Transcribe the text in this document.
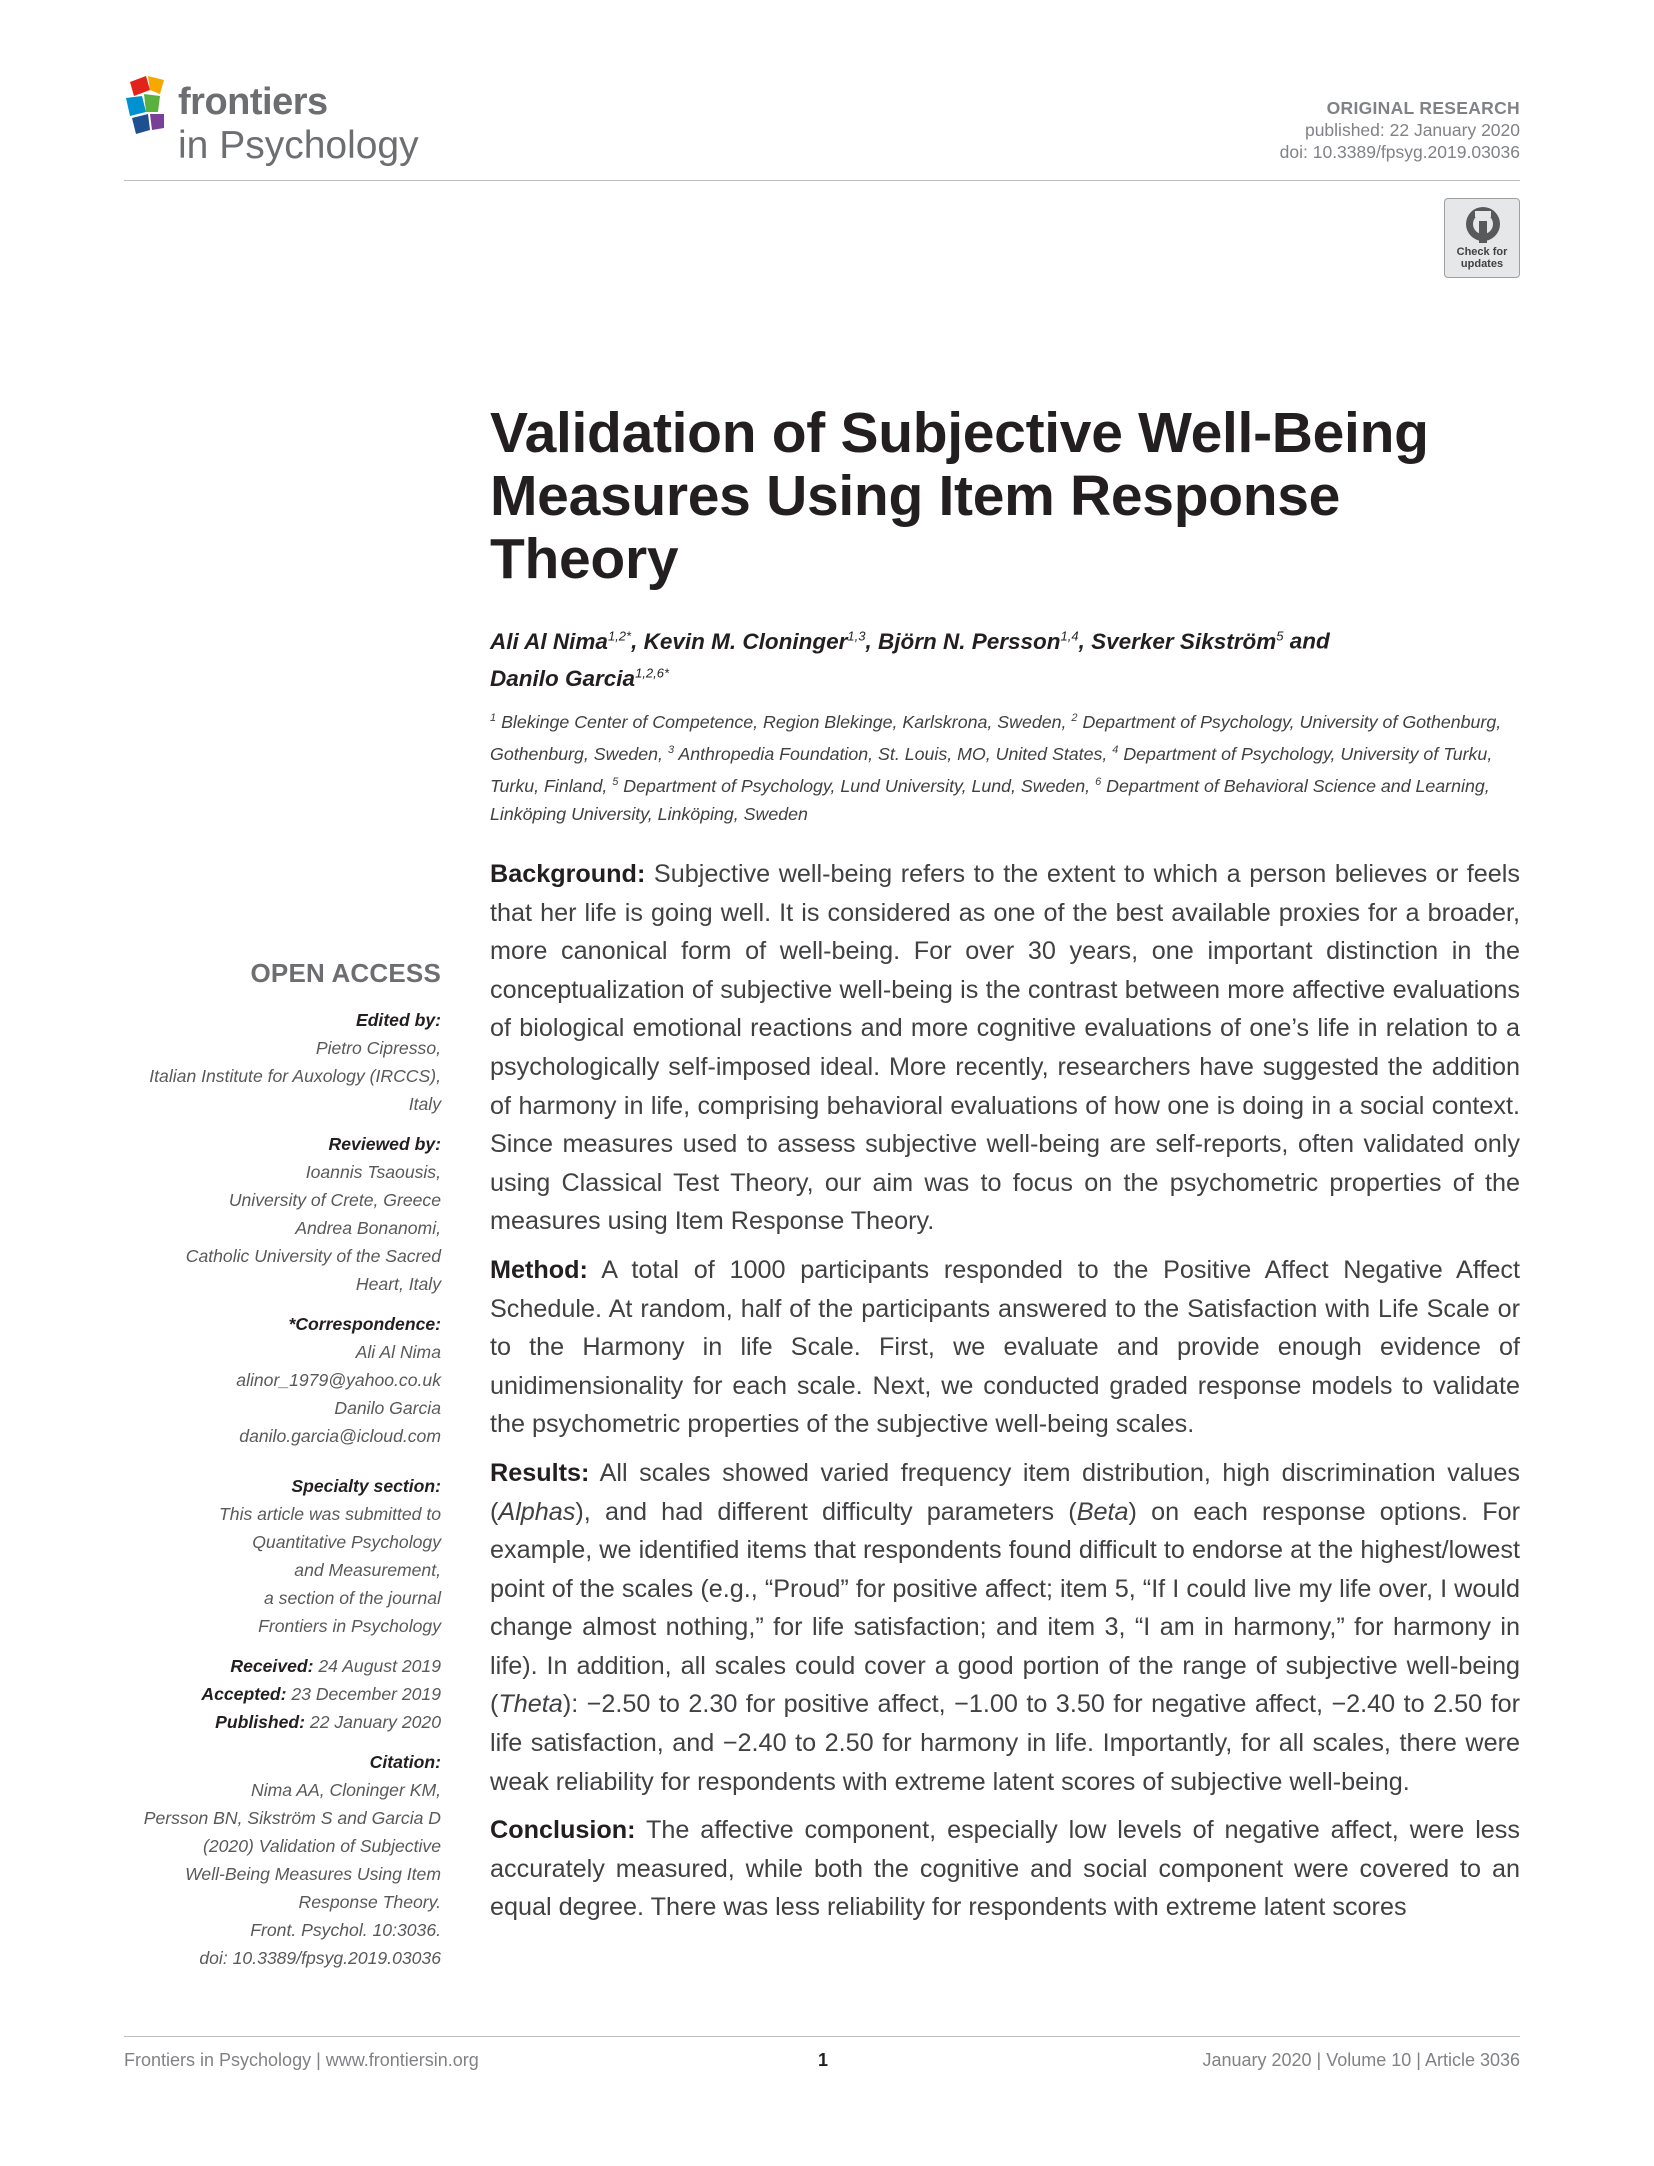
frontiers
in Psychology
ORIGINAL RESEARCH
published: 22 January 2020
doi: 10.3389/fpsyg.2019.03036
Check for
updates
Validation of Subjective Well-Being Measures Using Item Response Theory
Ali Al Nima$^{1,2*}$, Kevin M. Cloninger$^{1,3}$, Björn N. Persson$^{1,4}$, Sverker Sikström$^5$ and
Danilo Garcia$^{1,2,6*}$
$^1$ Blekinge Center of Competence, Region Blekinge, Karlskrona, Sweden, $^2$ Department of Psychology, University of Gothenburg, Gothenburg, Sweden, $^3$ Anthropedia Foundation, St. Louis, MO, United States, $^4$ Department of Psychology, University of Turku, Turku, Finland, $^5$ Department of Psychology, Lund University, Lund, Sweden, $^6$ Department of Behavioral Science and Learning, Linköping University, Linköping, Sweden
OPEN ACCESS
Edited by:
Pietro Cipresso,
Italian Institute for Auxology (IRCCS),
Italy
Reviewed by:
Ioannis Tsaousis,
University of Crete, Greece
Andrea Bonanomi,
Catholic University of the Sacred
Heart, Italy
*Correspondence:
Ali Al Nima
alinor_1979@yahoo.co.uk
Danilo Garcia
danilo.garcia@icloud.com
Specialty section:
This article was submitted to
Quantitative Psychology
and Measurement,
a section of the journal
Frontiers in Psychology
Received: 24 August 2019
Accepted: 23 December 2019
Published: 22 January 2020
Citation:
Nima AA, Cloninger KM,
Persson BN, Sikström S and Garcia D
(2020) Validation of Subjective
Well-Being Measures Using Item
Response Theory.
Front. Psychol. 10:3036.
doi: 10.3389/fpsyg.2019.03036

Background: Subjective well-being refers to the extent to which a person believes or feels that her life is going well. It is considered as one of the best available proxies for a broader, more canonical form of well-being. For over 30 years, one important distinction in the conceptualization of subjective well-being is the contrast between more affective evaluations of biological emotional reactions and more cognitive evaluations of one’s life in relation to a psychologically self-imposed ideal. More recently, researchers have suggested the addition of harmony in life, comprising behavioral evaluations of how one is doing in a social context. Since measures used to assess subjective well-being are self-reports, often validated only using Classical Test Theory, our aim was to focus on the psychometric properties of the measures using Item Response Theory.

Method: A total of 1000 participants responded to the Positive Affect Negative Affect Schedule. At random, half of the participants answered to the Satisfaction with Life Scale or to the Harmony in life Scale. First, we evaluate and provide enough evidence of unidimensionality for each scale. Next, we conducted graded response models to validate the psychometric properties of the subjective well-being scales.

Results: All scales showed varied frequency item distribution, high discrimination values (Alphas), and had different difficulty parameters (Beta) on each response options. For example, we identified items that respondents found difficult to endorse at the highest/lowest point of the scales (e.g., “Proud” for positive affect; item 5, “If I could live my life over, I would change almost nothing,” for life satisfaction; and item 3, “I am in harmony,” for harmony in life). In addition, all scales could cover a good portion of the range of subjective well-being (Theta): −2.50 to 2.30 for positive affect, −1.00 to 3.50 for negative affect, −2.40 to 2.50 for life satisfaction, and −2.40 to 2.50 for harmony in life. Importantly, for all scales, there were weak reliability for respondents with extreme latent scores of subjective well-being.

Conclusion: The affective component, especially low levels of negative affect, were less accurately measured, while both the cognitive and social component were covered to an equal degree. There was less reliability for respondents with extreme latent scores

Frontiers in Psychology | www.frontiersin.org	1	January 2020 | Volume 10 | Article 3036
